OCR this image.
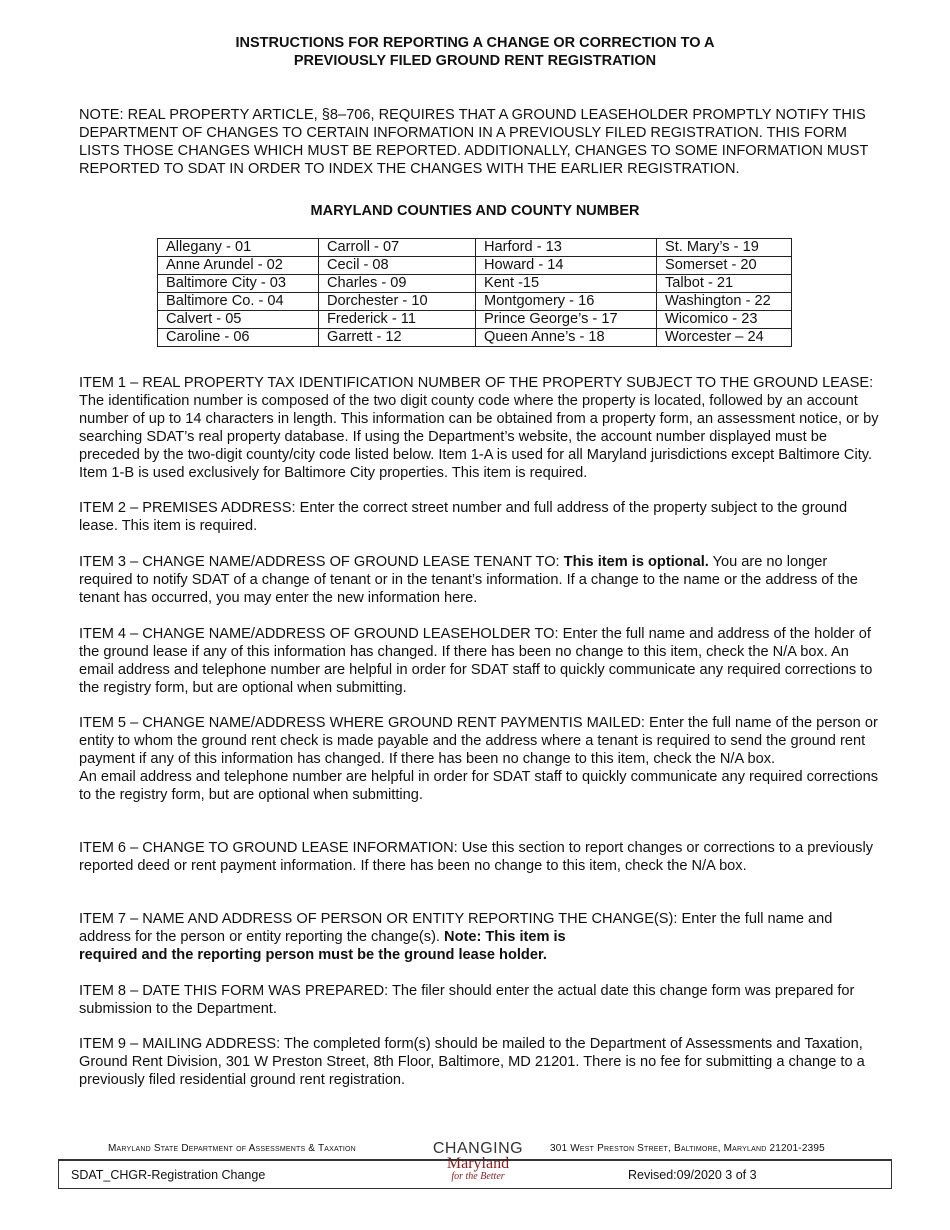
INSTRUCTIONS FOR REPORTING A CHANGE OR CORRECTION TO A
PREVIOUSLY FILED GROUND RENT REGISTRATION

NOTE: REAL PROPERTY ARTICLE, §8–706, REQUIRES THAT A GROUND LEASEHOLDER PROMPTLY NOTIFY THIS DEPARTMENT OF CHANGES TO CERTAIN INFORMATION IN A PREVIOUSLY FILED REGISTRATION. THIS FORM LISTS THOSE CHANGES WHICH MUST BE REPORTED. ADDITIONALLY, CHANGES TO SOME INFORMATION MUST REPORTED TO SDAT IN ORDER TO INDEX THE CHANGES WITH THE EARLIER REGISTRATION.

MARYLAND COUNTIES AND COUNTY NUMBER
Allegany - 01	Carroll - 07	Harford - 13	St. Mary’s - 19
Anne Arundel - 02	Cecil - 08	Howard - 14	Somerset - 20
Baltimore City - 03	Charles - 09	Kent -15	Talbot - 21
Baltimore Co. - 04	Dorchester - 10	Montgomery - 16	Washington - 22
Calvert - 05	Frederick - 11	Prince George’s - 17	Wicomico - 23
Caroline - 06	Garrett - 12	Queen Anne’s - 18	Worcester – 24

ITEM 1 – REAL PROPERTY TAX IDENTIFICATION NUMBER OF THE PROPERTY SUBJECT TO THE GROUND LEASE: The identification number is composed of the two digit county code where the property is located, followed by an account number of up to 14 characters in length. This information can be obtained from a property form, an assessment notice, or by searching SDAT’s real property database. If using the Department’s website, the account number displayed must be preceded by the two-digit county/city code listed below. Item 1-A is used for all Maryland jurisdictions except Baltimore City. Item 1-B is used exclusively for Baltimore City properties. This item is required.

ITEM 2 – PREMISES ADDRESS: Enter the correct street number and full address of the property subject to the ground lease. This item is required.

ITEM 3 – CHANGE NAME/ADDRESS OF GROUND LEASE TENANT TO: This item is optional. You are no longer required to notify SDAT of a change of tenant or in the tenant’s information. If a change to the name or the address of the tenant has occurred, you may enter the new information here.

ITEM 4 – CHANGE NAME/ADDRESS OF GROUND LEASEHOLDER TO: Enter the full name and address of the holder of the ground lease if any of this information has changed. If there has been no change to this item, check the N/A box. An email address and telephone number are helpful in order for SDAT staff to quickly communicate any required corrections to the registry form, but are optional when submitting.

ITEM 5 – CHANGE NAME/ADDRESS WHERE GROUND RENT PAYMENTIS MAILED: Enter the full name of the person or entity to whom the ground rent check is made payable and the address where a tenant is required to send the ground rent payment if any of this information has changed. If there has been no change to this item, check the N/A box.
An email address and telephone number are helpful in order for SDAT staff to quickly communicate any required corrections to the registry form, but are optional when submitting.

ITEM 6 – CHANGE TO GROUND LEASE INFORMATION: Use this section to report changes or corrections to a previously reported deed or rent payment information. If there has been no change to this item, check the N/A box.

ITEM 7 – NAME AND ADDRESS OF PERSON OR ENTITY REPORTING THE CHANGE(S): Enter the full name and address for the person or entity reporting the change(s). Note: This item is
required and the reporting person must be the ground lease holder.

ITEM 8 – DATE THIS FORM WAS PREPARED: The filer should enter the actual date this change form was prepared for submission to the Department.

ITEM 9 – MAILING ADDRESS: The completed form(s) should be mailed to the Department of Assessments and Taxation, Ground Rent Division, 301 W Preston Street, 8th Floor, Baltimore, MD 21201. There is no fee for submitting a change to a previously filed residential ground rent registration.

Maryland State Department of Assessments & Taxation	CHANGING
Maryland
for the Better
301 West Preston Street, Baltimore, Maryland 21201-2395
SDAT_CHGR-Registration Change	Revised:09/2020 3 of 3
